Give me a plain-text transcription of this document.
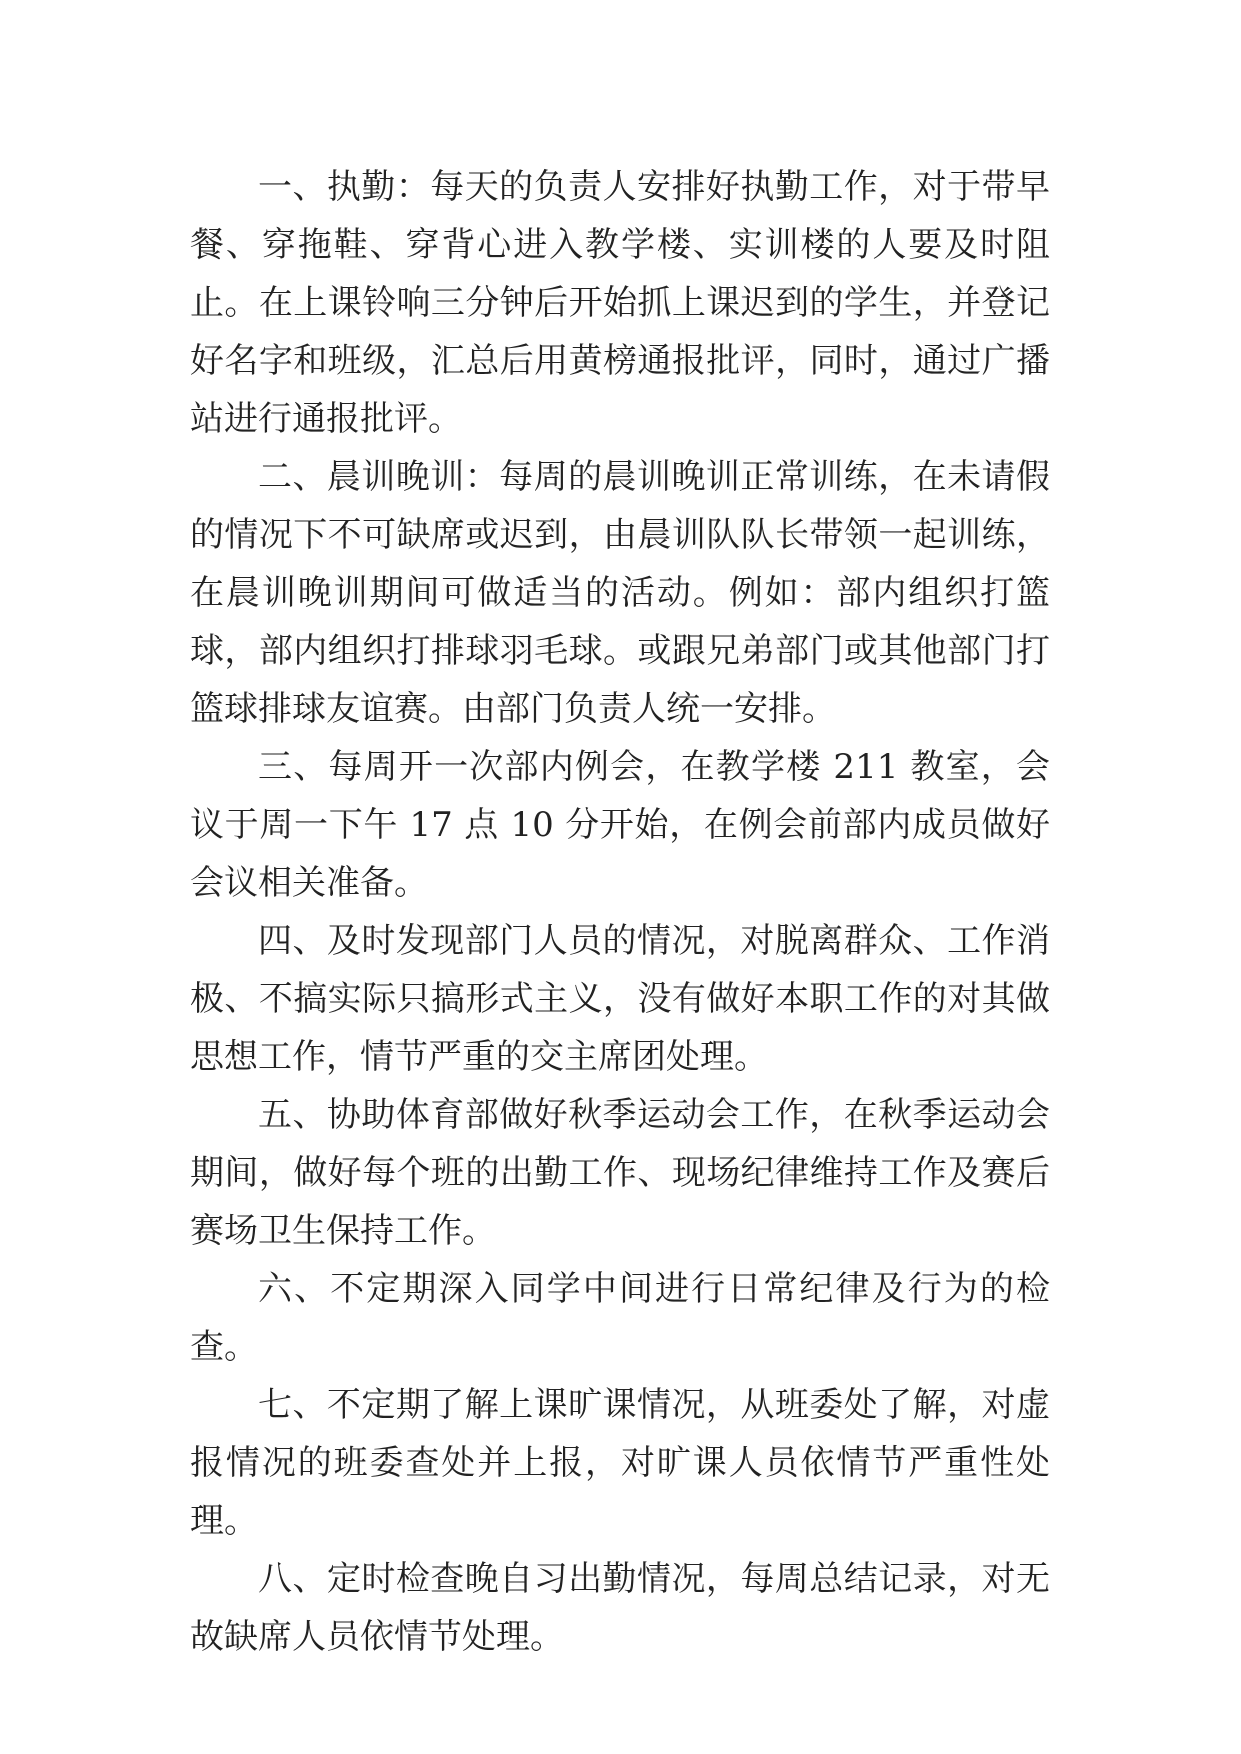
一、执勤：每天的负责人安排好执勤工作，对于带早餐、穿拖鞋、穿背心进入教学楼、实训楼的人要及时阻止。在上课铃响三分钟后开始抓上课迟到的学生，并登记好名字和班级，汇总后用黄榜通报批评，同时，通过广播站进行通报批评。

二、晨训晚训：每周的晨训晚训正常训练，在未请假的情况下不可缺席或迟到，由晨训队队长带领一起训练，在晨训晚训期间可做适当的活动。例如：部内组织打篮球，部内组织打排球羽毛球。或跟兄弟部门或其他部门打篮球排球友谊赛。由部门负责人统一安排。

三、每周开一次部内例会，在教学楼 211 教室，会议于周一下午 17 点 10 分开始，在例会前部内成员做好会议相关准备。

四、及时发现部门人员的情况，对脱离群众、工作消极、不搞实际只搞形式主义，没有做好本职工作的对其做思想工作，情节严重的交主席团处理。

五、协助体育部做好秋季运动会工作，在秋季运动会期间，做好每个班的出勤工作、现场纪律维持工作及赛后赛场卫生保持工作。

六、不定期深入同学中间进行日常纪律及行为的检查。

七、不定期了解上课旷课情况，从班委处了解，对虚报情况的班委查处并上报，对旷课人员依情节严重性处理。

八、定时检查晚自习出勤情况，每周总结记录，对无故缺席人员依情节处理。
